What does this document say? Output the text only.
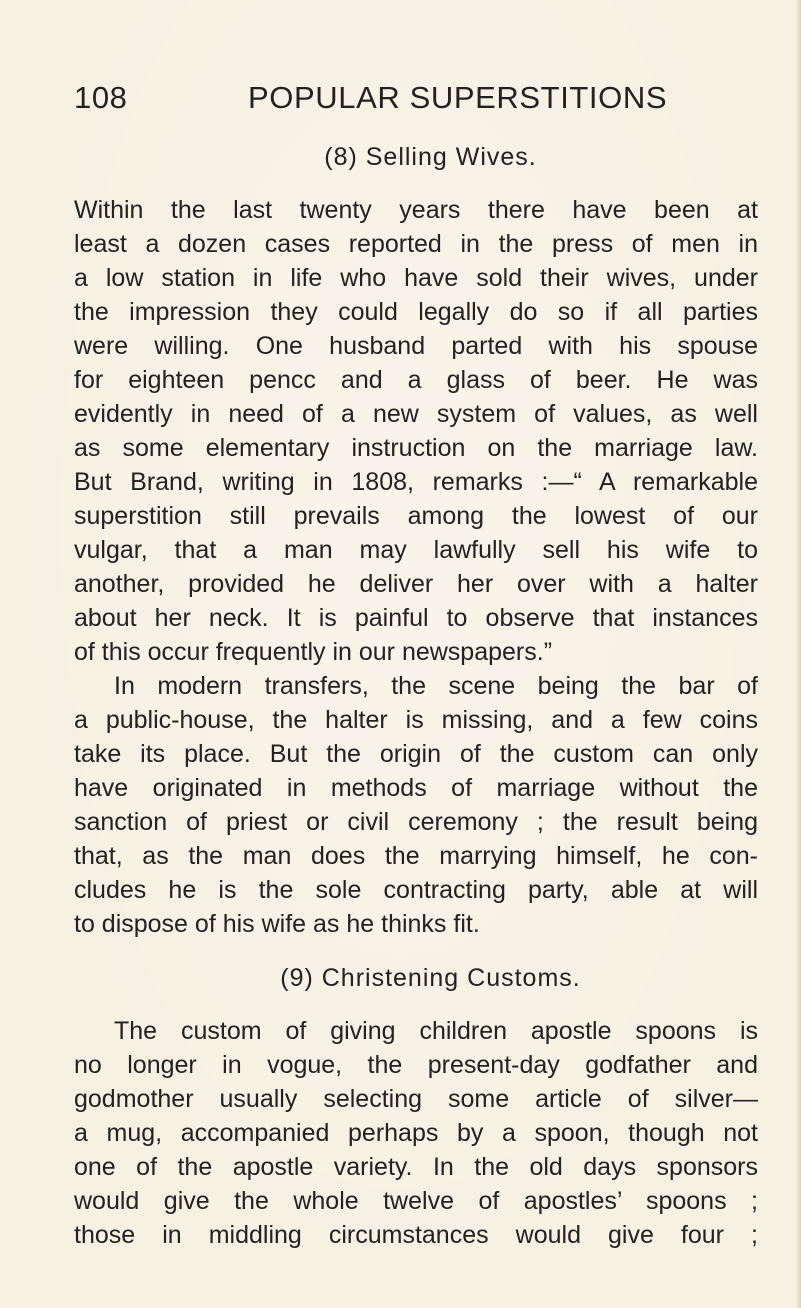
108	POPULAR SUPERSTITIONS
(8) Selling Wives.
Within the last twenty years there have been at
least a dozen cases reported in the press of men in
a low station in life who have sold their wives, under
the impression they could legally do so if all parties
were willing. One husband parted with his spouse
for eighteen pencc and a glass of beer. He was
evidently in need of a new system of values, as well
as some elementary instruction on the marriage law.
But Brand, writing in 1808, remarks :—“ A remarkable
superstition still prevails among the lowest of our
vulgar, that a man may lawfully sell his wife to
another, provided he deliver her over with a halter
about her neck. It is painful to observe that instances
of this occur frequently in our newspapers.”
In modern transfers, the scene being the bar of
a public-house, the halter is missing, and a few coins
take its place. But the origin of the custom can only
have originated in methods of marriage without the
sanction of priest or civil ceremony ; the result being
that, as the man does the marrying himself, he con-
cludes he is the sole contracting party, able at will
to dispose of his wife as he thinks fit.
(9) Christening Customs.
The custom of giving children apostle spoons is
no longer in vogue, the present-day godfather and
godmother usually selecting some article of silver—
a mug, accompanied perhaps by a spoon, though not
one of the apostle variety. In the old days sponsors
would give the whole twelve of apostles’ spoons ;
those in middling circumstances would give four ;
